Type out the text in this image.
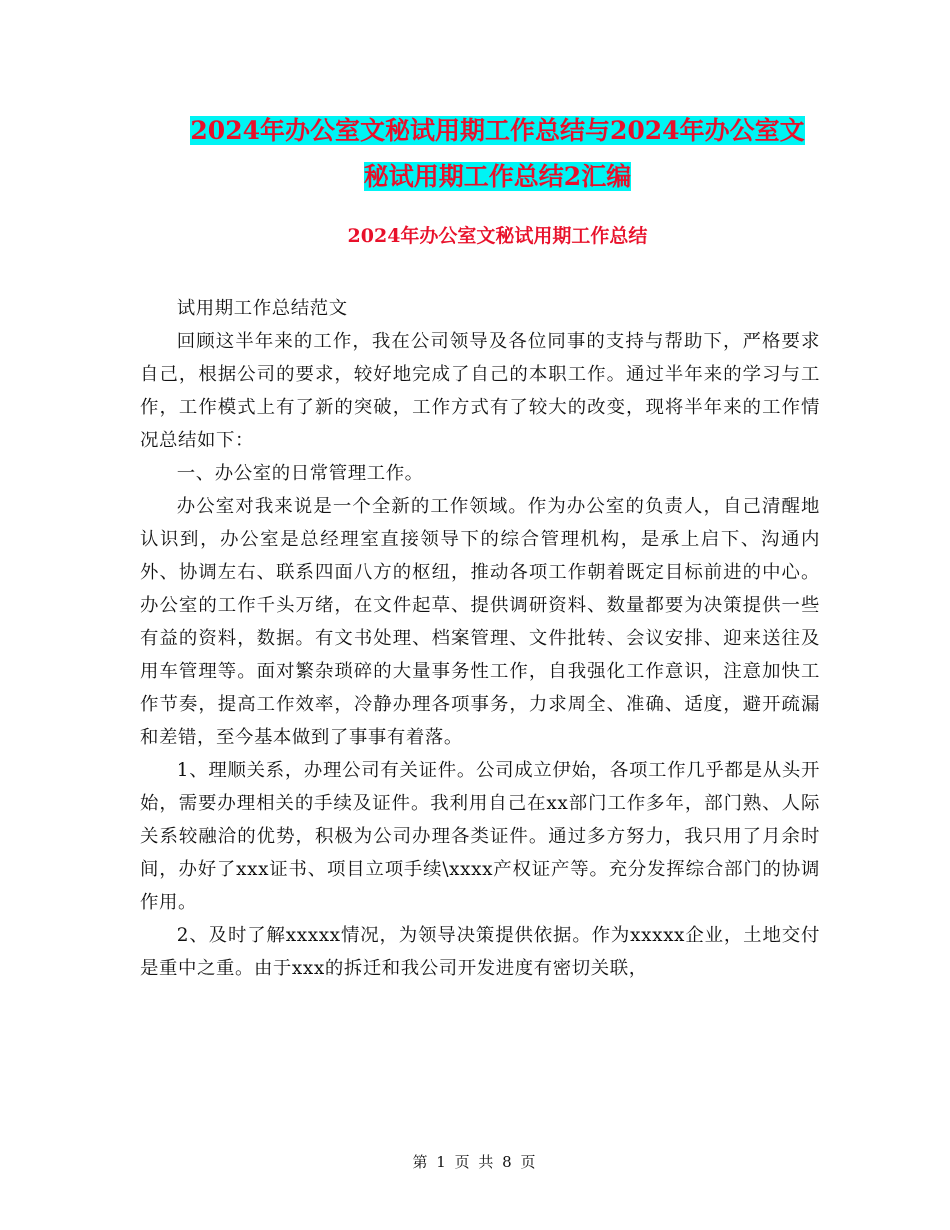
2024年办公室文秘试用期工作总结与2024年办公室文
秘试用期工作总结2汇编
2024年办公室文秘试用期工作总结

试用期工作总结范文

回顾这半年来的工作，我在公司领导及各位同事的支持与帮助下，严格要求自己，根据公司的要求，较好地完成了自己的本职工作。通过半年来的学习与工作，工作模式上有了新的突破，工作方式有了较大的改变，现将半年来的工作情况总结如下：

一、办公室的日常管理工作。

办公室对我来说是一个全新的工作领域。作为办公室的负责人，自己清醒地认识到，办公室是总经理室直接领导下的综合管理机构，是承上启下、沟通内外、协调左右、联系四面八方的枢纽，推动各项工作朝着既定目标前进的中心。办公室的工作千头万绪，在文件起草、提供调研资料、数量都要为决策提供一些有益的资料，数据。有文书处理、档案管理、文件批转、会议安排、迎来送往及用车管理等。面对繁杂琐碎的大量事务性工作，自我强化工作意识，注意加快工作节奏，提高工作效率，冷静办理各项事务，力求周全、准确、适度，避开疏漏和差错，至今基本做到了事事有着落。

1、理顺关系，办理公司有关证件。公司成立伊始，各项工作几乎都是从头开始，需要办理相关的手续及证件。我利用自己在xx部门工作多年，部门熟、人际关系较融洽的优势，积极为公司办理各类证件。通过多方努力，我只用了月余时间，办好了xxx证书、项目立项手续\xxxx产权证产等。充分发挥综合部门的协调作用。

2、及时了解xxxxx情况，为领导决策提供依据。作为xxxxx企业，土地交付是重中之重。由于xxx的拆迁和我公司开发进度有密切关联，

第 1 页 共 8 页
